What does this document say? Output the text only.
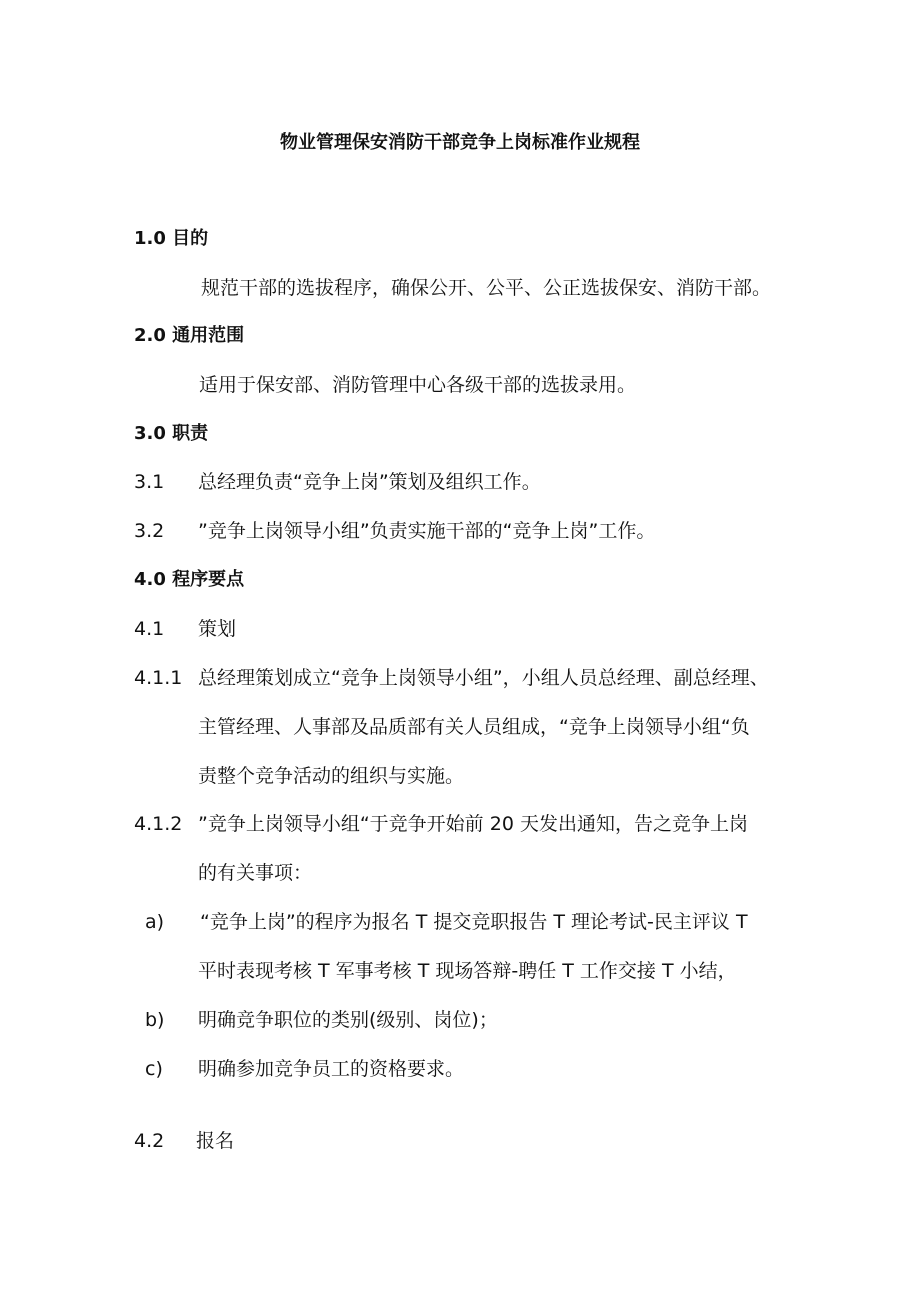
物业管理保安消防干部竞争上岗标准作业规程
1.0 目的
规范干部的选拔程序，确保公开、公平、公正选拔保安、消防干部。
2.0 通用范围
适用于保安部、消防管理中心各级干部的选拔录用。
3.0 职责
3.1 总经理负责“竞争上岗”策划及组织工作。
3.2 ”竞争上岗领导小组”负责实施干部的“竞争上岗”工作。
4.0 程序要点
4.1 策划
4.1.1 总经理策划成立“竞争上岗领导小组”，小组人员总经理、副总经理、
主管经理、人事部及品质部有关人员组成，“竞争上岗领导小组“负
责整个竞争活动的组织与实施。
4.1.2 ”竞争上岗领导小组“于竞争开始前 20 天发出通知，告之竞争上岗
的有关事项：
a) “竞争上岗”的程序为报名 T 提交竞职报告 T 理论考试-民主评议 T
平时表现考核 T 军事考核 T 现场答辩-聘任 T 工作交接 T 小结，
b) 明确竞争职位的类别(级别、岗位)；
c) 明确参加竞争员工的资格要求。
4.2 报名
